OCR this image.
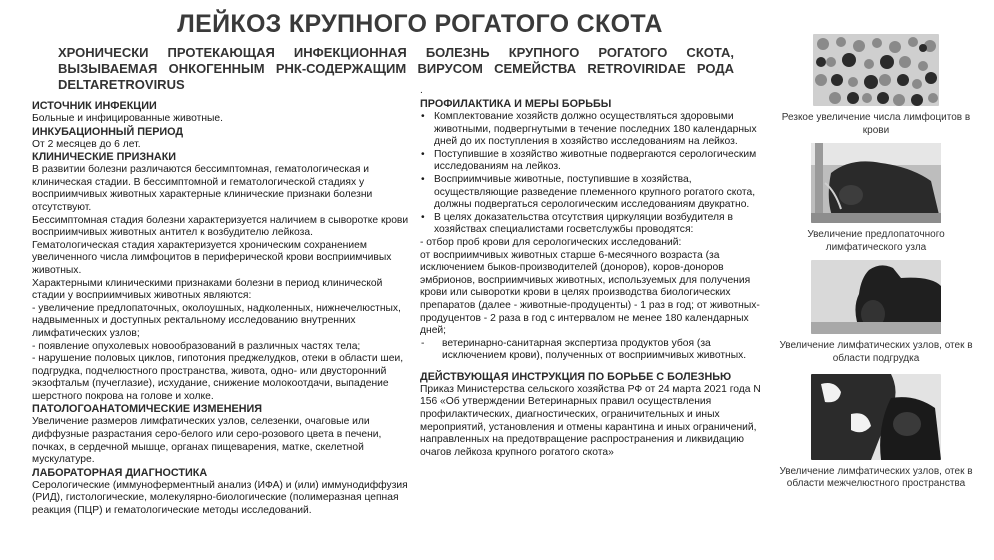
ЛЕЙКОЗ КРУПНОГО РОГАТОГО СКОТА
ХРОНИЧЕСКИ ПРОТЕКАЮЩАЯ ИНФЕКЦИОННАЯ БОЛЕЗНЬ КРУПНОГО РОГАТОГО СКОТА,
ВЫЗЫВАЕМАЯ ОНКОГЕННЫМ РНК-СОДЕРЖАЩИМ ВИРУСОМ СЕМЕЙСТВА RETROVIRIDAE РОДА
DELTARETROVIRUS
ИСТОЧНИК ИНФЕКЦИИ

Больные и инфицированные животные.

ИНКУБАЦИОННЫЙ ПЕРИОД

От 2 месяцев до 6 лет.

КЛИНИЧЕСКИЕ ПРИЗНАКИ

В развитии болезни различаются бессимптомная, гематологическая и клиническая стадии. В бессимптомной и гематологической стадиях у восприимчивых животных характерные клинические признаки болезни отсутствуют.

Бессимптомная стадия болезни характеризуется наличием в сыворотке крови восприимчивых животных антител к возбудителю лейкоза.

Гематологическая стадия характеризуется хроническим сохранением увеличенного числа лимфоцитов в периферической крови восприимчивых животных.

Характерными клиническими признаками болезни в период клинической стадии у восприимчивых животных являются:

- увеличение предлопаточных, околоушных, надколенных, нижнечелюстных, надвыменных и доступных ректальному исследованию внутренних лимфатических узлов;

- появление опухолевых новообразований в различных частях тела;

- нарушение половых циклов, гипотония преджелудков, отеки в области шеи, подгрудка, подчелюстного пространства, живота, одно- или двусторонний экзофтальм (пучеглазие), исхудание, снижение молокоотдачи, выпадение шерстного покрова на голове и холке.

ПАТОЛОГОАНАТОМИЧЕСКИЕ ИЗМЕНЕНИЯ

Увеличение размеров лимфатических узлов, селезенки, очаговые или диффузные разрастания серо-белого или серо-розового цвета в печени, почках, в сердечной мышце, органах пищеварения, матке, скелетной мускулатуре.

ЛАБОРАТОРНАЯ ДИАГНОСТИКА

Серологические (иммуноферментный анализ (ИФА) и (или) иммунодиффузия (РИД), гистологические, молекулярно-биологические (полимеразная цепная реакция (ПЦР) и гематологические методы исследований.

.
ПРОФИЛАКТИКА И МЕРЫ БОРЬБЫ
• Комплектование хозяйств должно осуществляться здоровыми животными, подвергнутыми в течение последних 180 календарных дней до их поступления в хозяйство исследованиям на лейкоз.
• Поступившие в хозяйство животные подвергаются серологическим исследованиям на лейкоз.
• Восприимчивые животные, поступившие в хозяйства, осуществляющие разведение племенного крупного рогатого скота, должны подвергаться серологическим исследованиям двукратно.
• В целях доказательства отсутствия циркуляции возбудителя в хозяйствах специалистами госветслужбы проводятся:

- отбор проб крови для серологических исследований:

от восприимчивых животных старше 6-месячного возраста (за исключением быков-производителей (доноров), коров-доноров эмбрионов, восприимчивых животных, используемых для получения крови или сыворотки крови в целях производства биологических препаратов (далее - животные-продуценты) - 1 раз в год; от животных-продуцентов - 2 раза в год с интервалом не менее 180 календарных дней;

- ветеринарно-санитарная экспертиза продуктов убоя (за исключением крови), полученных от восприимчивых животных.

ДЕЙСТВУЮЩАЯ ИНСТРУКЦИЯ ПО БОРЬБЕ С БОЛЕЗНЬЮ

Приказ Министерства сельского хозяйства РФ от 24 марта 2021 года N 156 «Об утверждении Ветеринарных правил осуществления профилактических, диагностических, ограничительных и иных мероприятий, установления и отмены карантина и иных ограничений, направленных на предотвращение распространения и ликвидацию очагов лейкоза крупного рогатого скота»

Резкое увеличение числа лимфоцитов в крови

Увеличение предлопаточного лимфатического узла

Увеличение лимфатических узлов, отек в области подгрудка

Увеличение лимфатических узлов, отек в области межчелюстного пространства
